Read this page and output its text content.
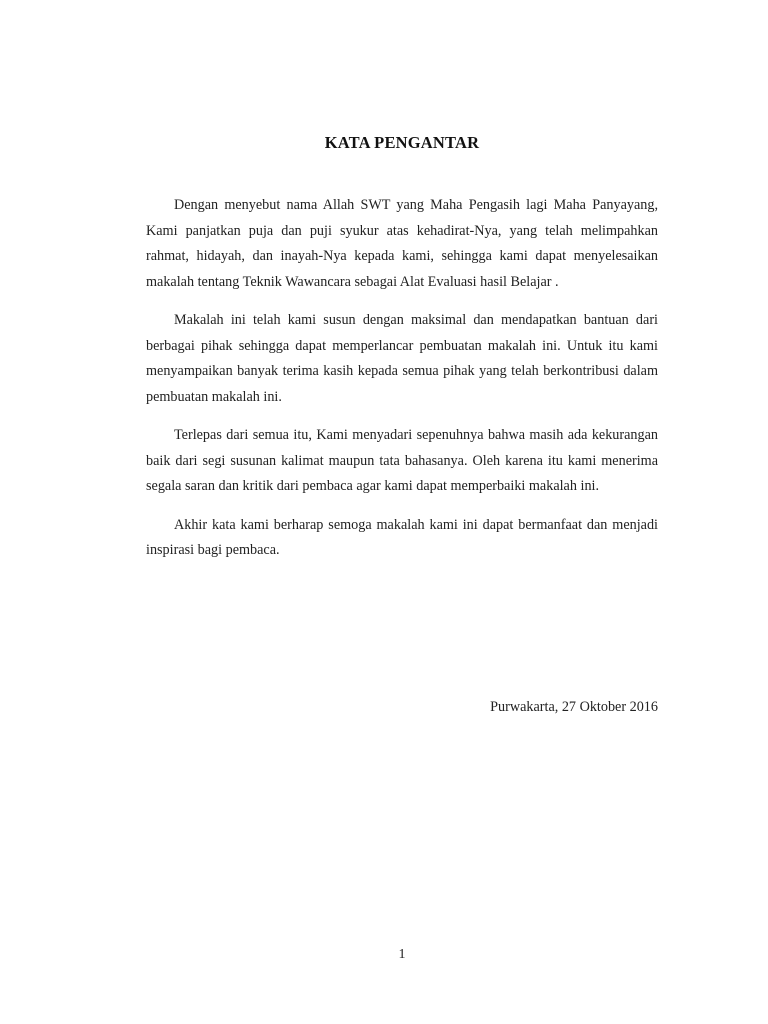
KATA PENGANTAR

Dengan menyebut nama Allah SWT yang Maha Pengasih lagi Maha Panyayang, Kami panjatkan puja dan puji syukur atas kehadirat-Nya, yang telah melimpahkan rahmat, hidayah, dan inayah-Nya kepada kami, sehingga kami dapat menyelesaikan makalah tentang Teknik Wawancara sebagai Alat Evaluasi hasil Belajar .

Makalah ini telah kami susun dengan maksimal dan mendapatkan bantuan dari berbagai pihak sehingga dapat memperlancar pembuatan makalah ini. Untuk itu kami menyampaikan banyak terima kasih kepada semua pihak yang telah berkontribusi dalam pembuatan makalah ini.

Terlepas dari semua itu, Kami menyadari sepenuhnya bahwa masih ada kekurangan baik dari segi susunan kalimat maupun tata bahasanya. Oleh karena itu kami menerima segala saran dan kritik dari pembaca agar kami dapat memperbaiki makalah ini.

Akhir kata kami berharap semoga makalah kami ini dapat bermanfaat dan menjadi inspirasi bagi pembaca.

Purwakarta, 27 Oktober 2016
1
